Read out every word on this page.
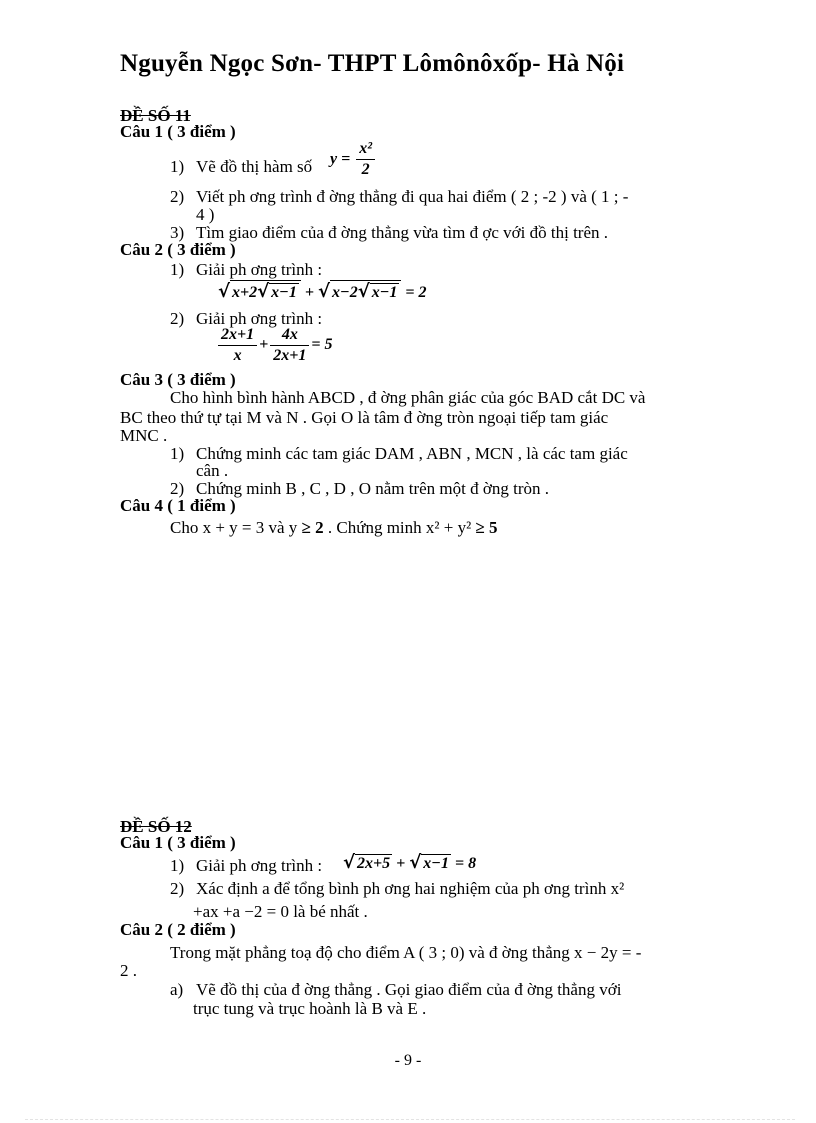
Nguyễn Ngọc Sơn- THPT Lômônôxốp- Hà Nội
ĐỀ SỐ 11
Câu 1 ( 3 điểm )
1) Vẽ đồ thị hàm số $y = \frac{\text{x²}}{2}$
2) Viết ph ơng trình đ ờng thẳng đi qua hai điểm ( 2 ; -2 ) và ( 1 ; -
4 )
3) Tìm giao điểm của đ ờng thẳng vừa tìm đ ợc với đồ thị trên .
Câu 2 ( 3 điểm )
1) Giải ph ơng trình :
√ x+2√ x−1 + √ x−2√ x−1 = 2
2) Giải ph ơng trình :
$\frac{2x+1}{x} + \frac{4x}{2x+1} = 5$
Câu 3 ( 3 điểm )
Cho hình bình hành ABCD , đ ờng phân giác của góc BAD cắt DC và
BC theo thứ tự tại M và N . Gọi O là tâm đ ờng tròn ngoại tiếp tam giác
MNC .
1) Chứng minh các tam giác DAM , ABN , MCN , là các tam giác
cân .
2) Chứng minh B , C , D , O nằm trên một đ ờng tròn .
Câu 4 ( 1 điểm )
Cho x + y = 3 và y ≥ 2 . Chứng minh x² + y² ≥ 5
ĐỀ SỐ 12
Câu 1 ( 3 điểm )
1) Giải ph ơng trình : √ 2x+5 + √ x−1 = 8
2) Xác định a để tổng bình ph ơng hai nghiệm của ph ơng trình x²
+ax +a −2 = 0 là bé nhất .
Câu 2 ( 2 điểm )
Trong mặt phẳng toạ độ cho điểm A ( 3 ; 0) và đ ờng thẳng x − 2y = -
2 .
a) Vẽ đồ thị của đ ờng thẳng . Gọi giao điểm của đ ờng thẳng với
trục tung và trục hoành là B và E .
- 9 -
